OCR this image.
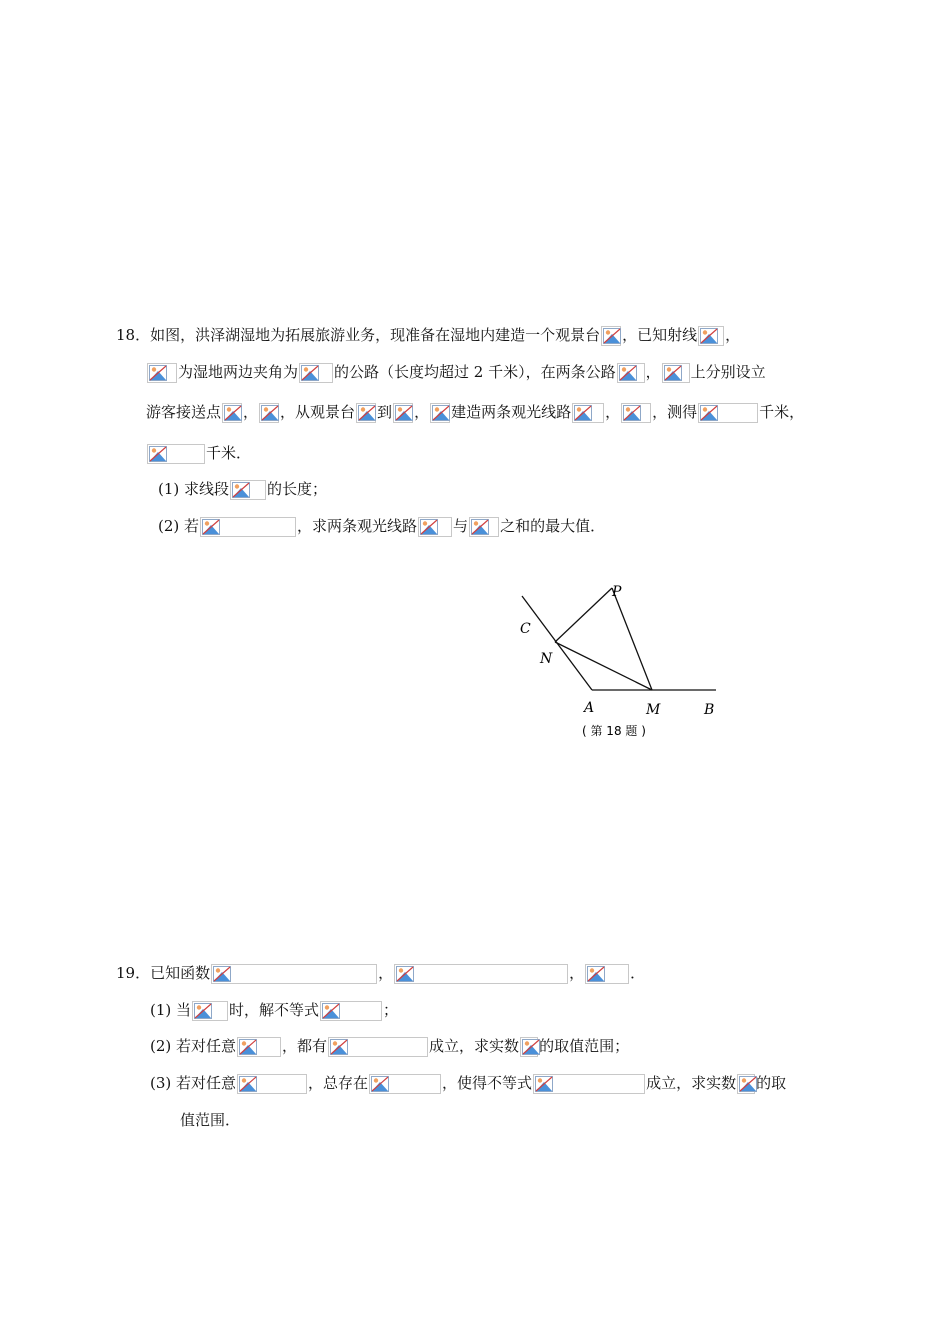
18．如图，洪泽湖湿地为拓展旅游业务，现准备在湿地内建造一个观景台 ，已知射线 ，
为湿地两边夹角为 的公路（长度均超过 2 千米），在两条公路 ， 上分别设立
游客接送点 ， ，从观景台 到 ， 建造两条观光线路 ， ，测得	千米，
千米．
(1) 求线段	的长度；
(2) 若	，求两条观光线路 与 之和的最大值．
P
C
N
A	M	B
( 第 18 题 )
19．已知函数	，	，	．
(1) 当	时，解不等式	；
(2) 若对任意	，都有	成立，求实数 的取值范围；
(3) 若对任意	，总存在	，使得不等式	成立，求实数 的取
值范围．
